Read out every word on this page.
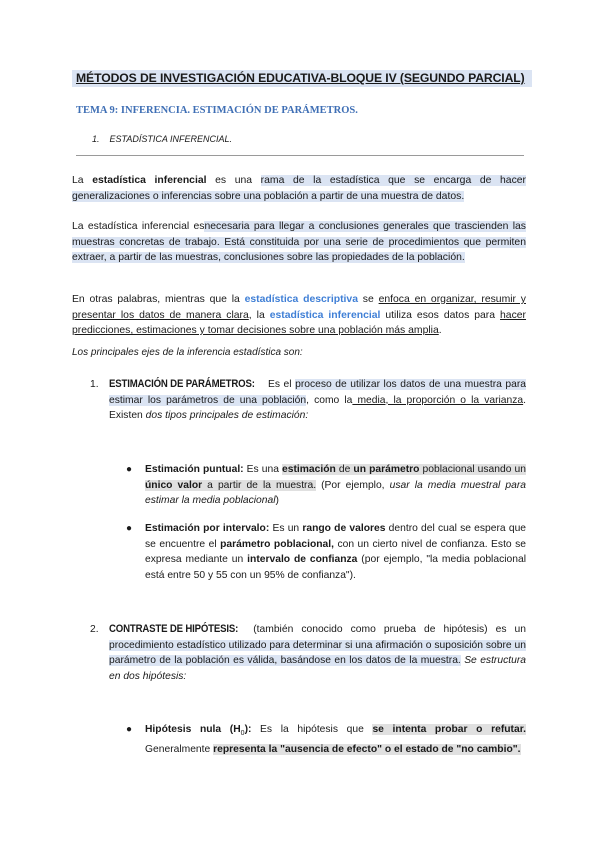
MÉTODOS DE INVESTIGACIÓN EDUCATIVA-BLOQUE IV (SEGUNDO PARCIAL)
TEMA 9: INFERENCIA. ESTIMACIÓN DE PARÁMETROS.
1. ESTADÍSTICA INFERENCIAL.
La estadística inferencial es una rama de la estadística que se encarga de hacer generalizaciones o inferencias sobre una población a partir de una muestra de datos.
La estadística inferencial esnecesaria para llegar a conclusiones generales que trascienden las muestras concretas de trabajo. Está constituida por una serie de procedimientos que permiten extraer, a partir de las muestras, conclusiones sobre las propiedades de la población.
En otras palabras, mientras que la estadística descriptiva se enfoca en organizar, resumir y presentar los datos de manera clara, la estadística inferencial utiliza esos datos para hacer predicciones, estimaciones y tomar decisiones sobre una población más amplia.
Los principales ejes de la inferencia estadística son:
1. ESTIMACIÓN DE PARÁMETROS: Es el proceso de utilizar los datos de una muestra para estimar los parámetros de una población, como la media, la proporción o la varianza. Existen dos tipos principales de estimación:
● Estimación puntual: Es una estimación de un parámetro poblacional usando un único valor a partir de la muestra. (Por ejemplo, usar la media muestral para estimar la media poblacional)
● Estimación por intervalo: Es un rango de valores dentro del cual se espera que se encuentre el parámetro poblacional, con un cierto nivel de confianza. Esto se expresa mediante un intervalo de confianza (por ejemplo, "la media poblacional está entre 50 y 55 con un 95% de confianza").
2. CONTRASTE DE HIPÓTESIS: (también conocido como prueba de hipótesis) es un procedimiento estadístico utilizado para determinar si una afirmación o suposición sobre un parámetro de la población es válida, basándose en los datos de la muestra. Se estructura en dos hipótesis:
● Hipótesis nula $(H_0)$: Es la hipótesis que se intenta probar o refutar. Generalmente representa la "ausencia de efecto" o el estado de "no cambio".
